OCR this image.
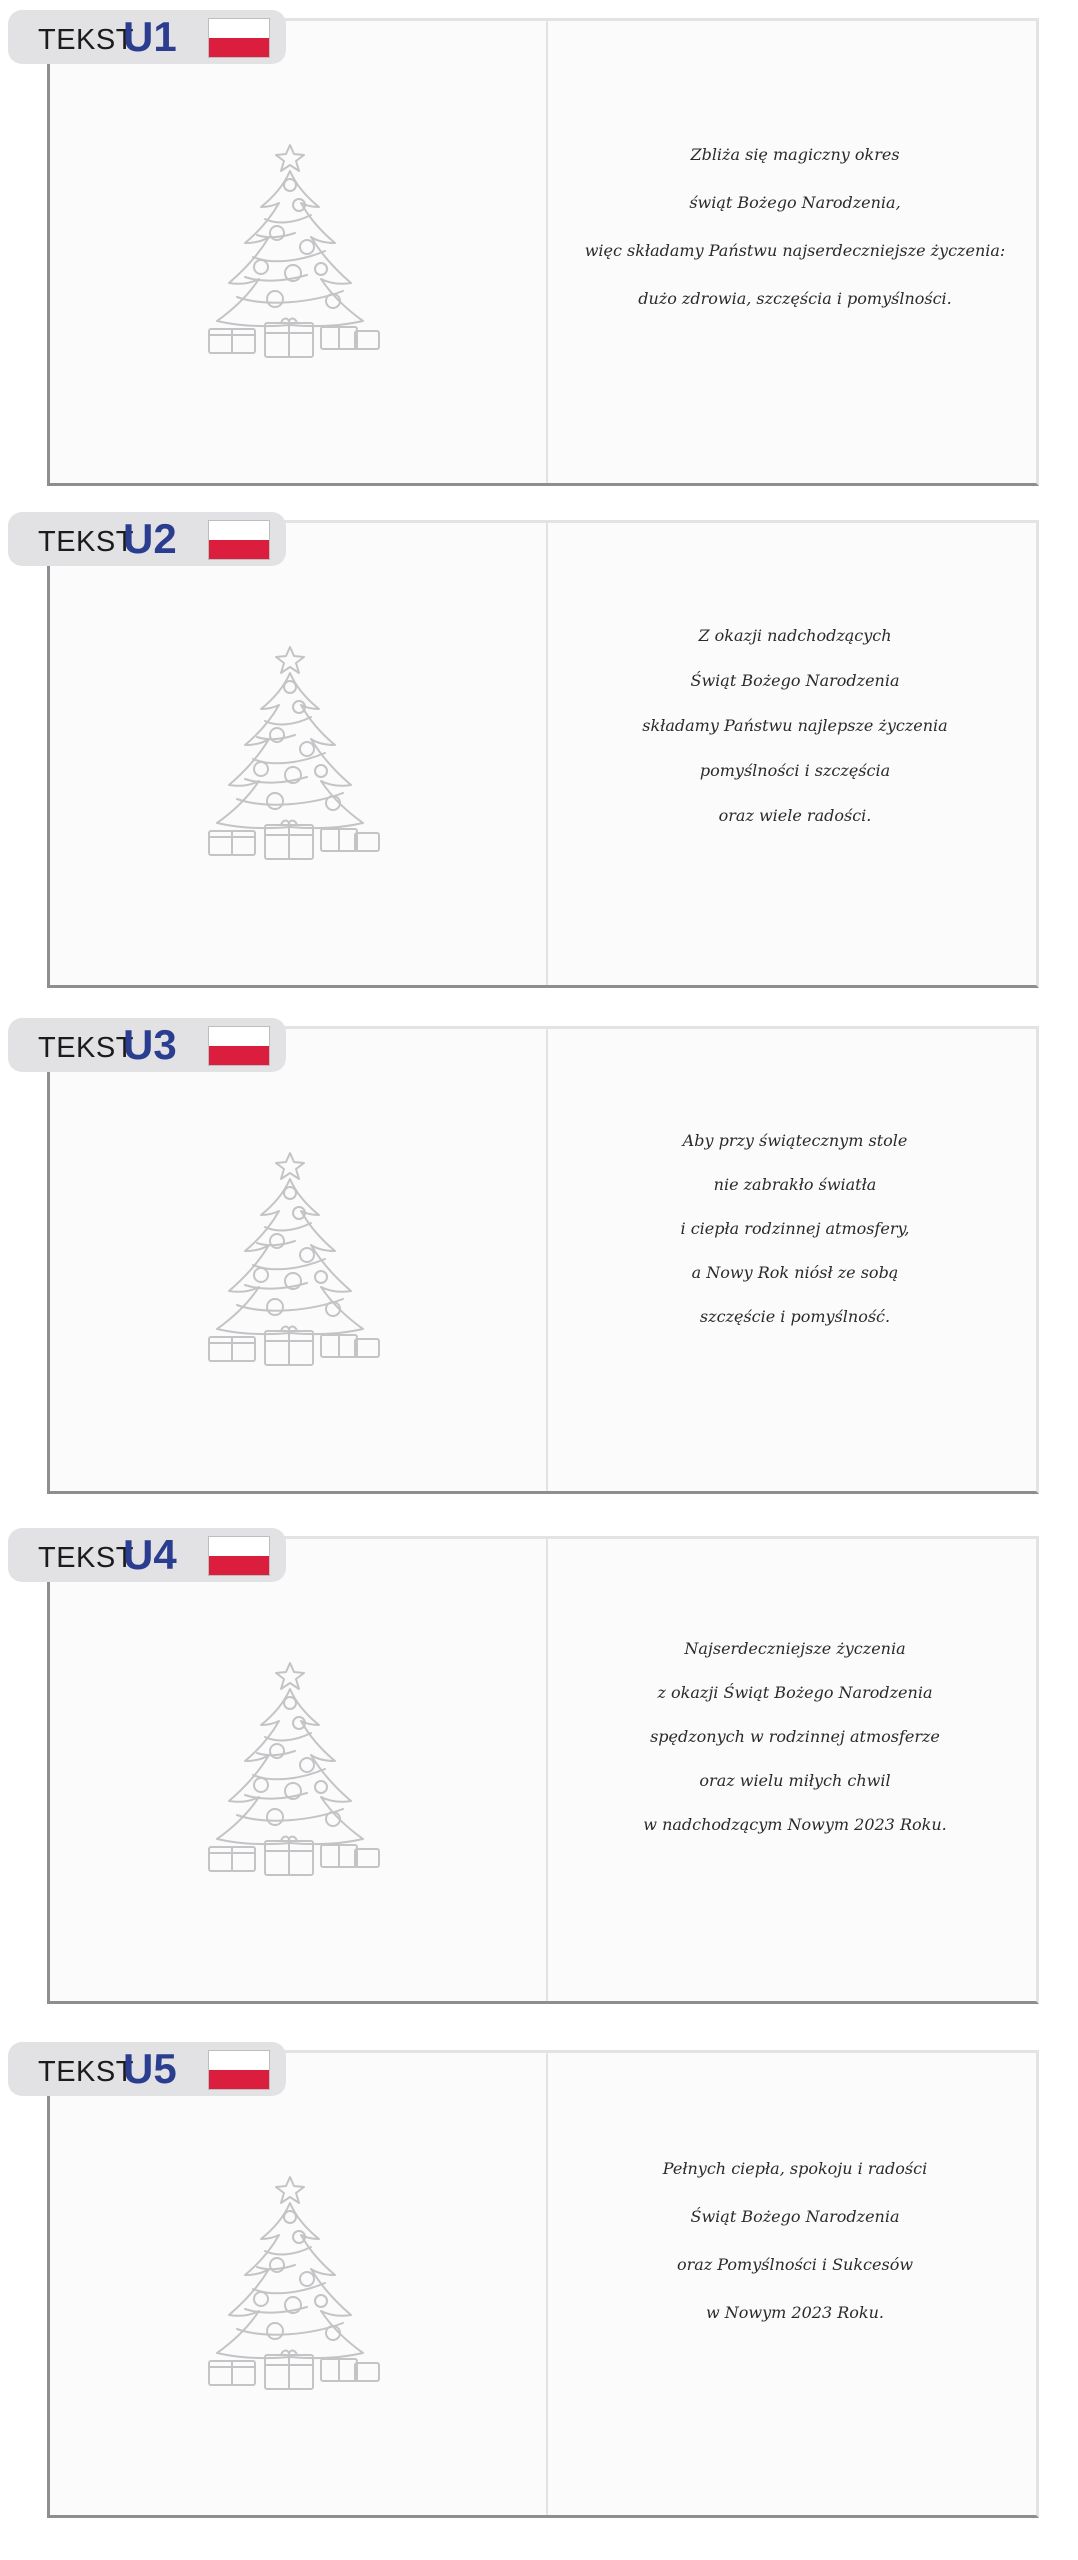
Zbliża się magiczny okres
świąt Bożego Narodzenia,
więc składamy Państwu najserdeczniejsze życzenia:
dużo zdrowia, szczęścia i pomyślności.
TEKST
U1
Z okazji nadchodzących
Świąt Bożego Narodzenia
składamy Państwu najlepsze życzenia
pomyślności i szczęścia
oraz wiele radości.
TEKST
U2
Aby przy świątecznym stole
nie zabrakło światła
i ciepła rodzinnej atmosfery,
a Nowy Rok niósł ze sobą
szczęście i pomyślność.
TEKST
U3
Najserdeczniejsze życzenia
z okazji Świąt Bożego Narodzenia
spędzonych w rodzinnej atmosferze
oraz wielu miłych chwil
w nadchodzącym Nowym 2023 Roku.
TEKST
U4
Pełnych ciepła, spokoju i radości
Świąt Bożego Narodzenia
oraz Pomyślności i Sukcesów
w Nowym 2023 Roku.
TEKST
U5
